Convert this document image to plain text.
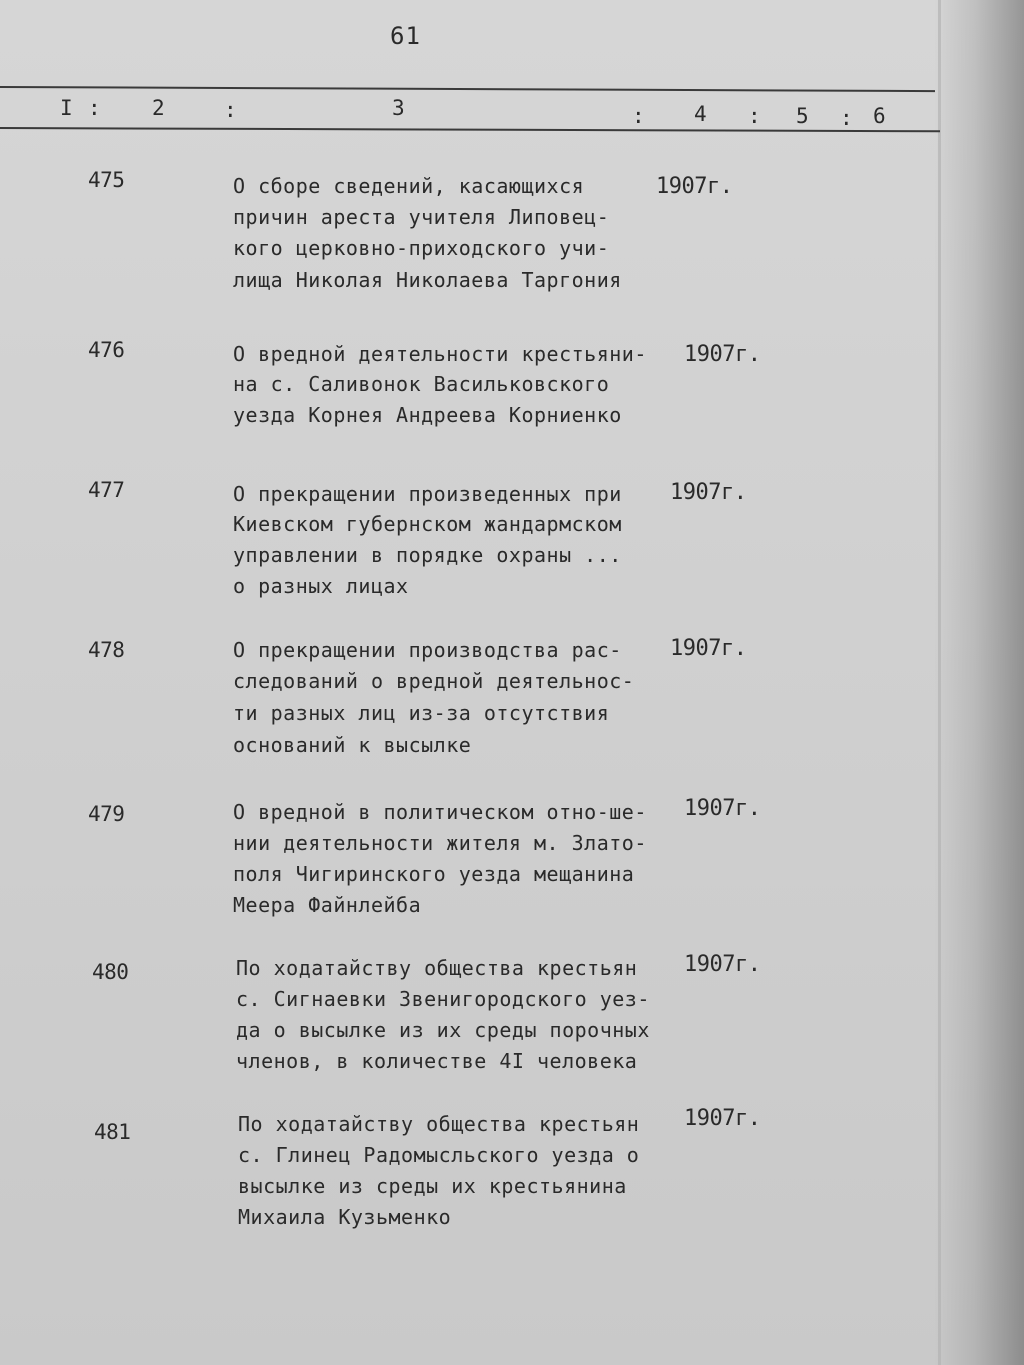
61
I : 2	:	3	: 4 : 5 : 6
475	О сборе сведений, касающихся
причин ареста учителя Липовец-
кого церковно-приходского учи-
лища Николая Николаева Таргония
1907г.
476	О вредной деятельности крестьяни-
на с. Саливонок Васильковского
уезда Корнея Андреева Корниенко
1907г.
477	О прекращении произведенных при
Киевском губернском жандармском
управлении в порядке охраны ...
о разных лицах
1907г.
478	О прекращении производства рас-
следований о вредной деятельнос-
ти разных лиц из-за отсутствия
оснований к высылке
1907г.
479	О вредной в политическом отно-ше-
нии деятельности жителя м. Злато-
поля Чигиринского уезда мещанина
Меера Файнлейба
1907г.
480	По ходатайству общества крестьян
с. Сигнаевки Звенигородского уез-
да о высылке из их среды порочных
членов, в количестве 4I человека
1907г.
481	По ходатайству общества крестьян
с. Глинец Радомысльского уезда о
высылке из среды их крестьянина
Михаила Кузьменко
1907г.
